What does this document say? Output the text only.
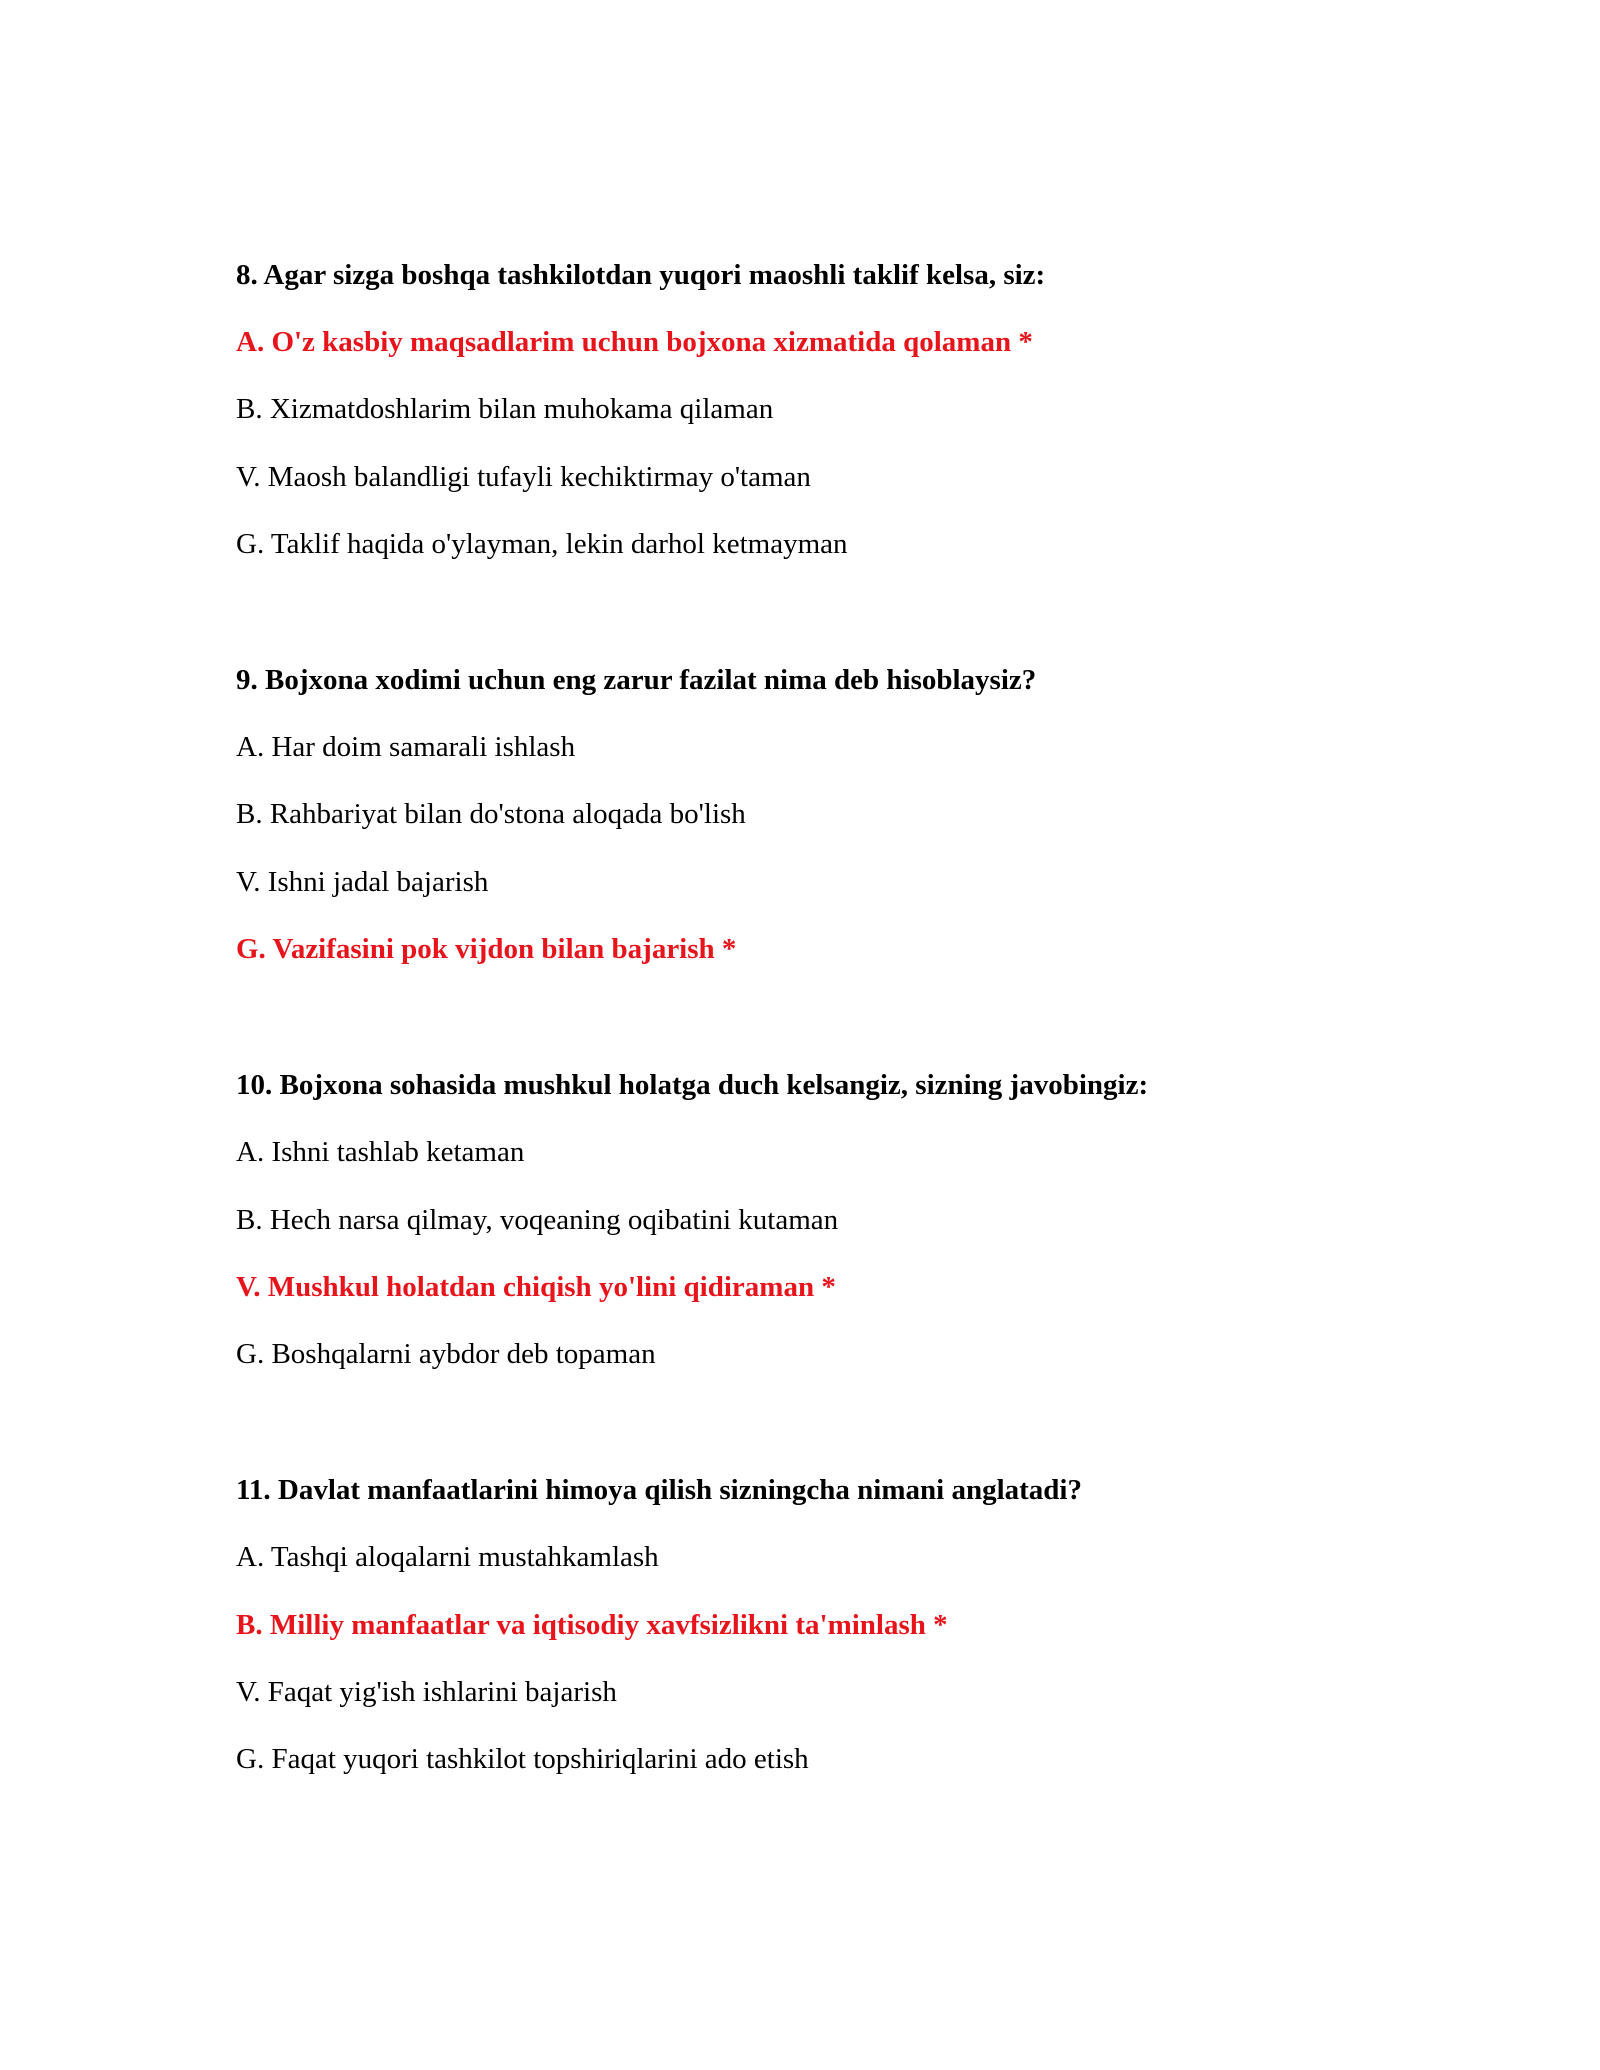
8. Agar sizga boshqa tashkilotdan yuqori maoshli taklif kelsa, siz:
A. O'z kasbiy maqsadlarim uchun bojxona xizmatida qolaman *
B. Xizmatdoshlarim bilan muhokama qilaman
V. Maosh balandligi tufayli kechiktirmay o'taman
G. Taklif haqida o'ylayman, lekin darhol ketmayman
9. Bojxona xodimi uchun eng zarur fazilat nima deb hisoblaysiz?
A. Har doim samarali ishlash
B. Rahbariyat bilan do'stona aloqada bo'lish
V. Ishni jadal bajarish
G. Vazifasini pok vijdon bilan bajarish *
10. Bojxona sohasida mushkul holatga duch kelsangiz, sizning javobingiz:
A. Ishni tashlab ketaman
B. Hech narsa qilmay, voqeaning oqibatini kutaman
V. Mushkul holatdan chiqish yo'lini qidiraman *
G. Boshqalarni aybdor deb topaman
11. Davlat manfaatlarini himoya qilish sizningcha nimani anglatadi?
A. Tashqi aloqalarni mustahkamlash
B. Milliy manfaatlar va iqtisodiy xavfsizlikni ta'minlash *
V. Faqat yig'ish ishlarini bajarish
G. Faqat yuqori tashkilot topshiriqlarini ado etish
